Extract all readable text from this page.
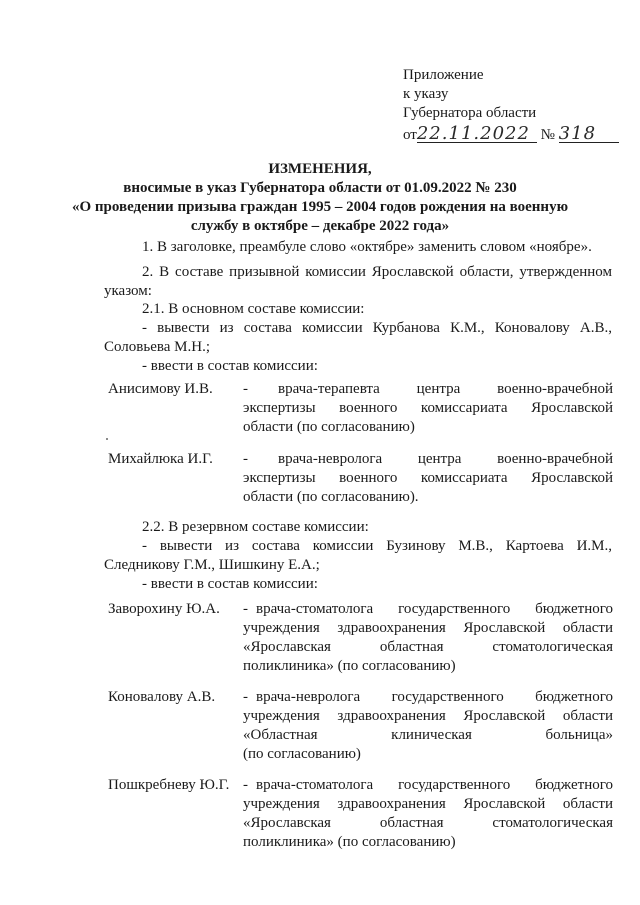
Приложение
к указу
Губернатора области
от22.11.2022 № 318
ИЗМЕНЕНИЯ,
вносимые в указ Губернатора области от 01.09.2022 № 230
«О проведении призыва граждан 1995 – 2004 годов рождения на военную
службу в октябре – декабре 2022 года»
1. В заголовке, преамбуле слово «октябре» заменить словом «ноябре».
2. В составе призывной комиссии Ярославской области, утвержденном
указом:
2.1. В основном составе комиссии:
- вывести из состава комиссии Курбанова К.М., Коновалову А.В.,
Соловьева М.Н.;
- ввести в состав комиссии:
Анисимову И.В. - врача-терапевта центра военно-врачебной
экспертизы военного комиссариата Ярославской
области (по согласованию)
Михайлюка И.Г. - врача-невролога центра военно-врачебной
экспертизы военного комиссариата Ярославской
области (по согласованию).
2.2. В резервном составе комиссии:
- вывести из состава комиссии Бузинову М.В., Картоева И.М.,
Следникову Г.М., Шишкину Е.А.;
- ввести в состав комиссии:
Заворохину Ю.А. - врача-стоматолога государственного бюджетного
учреждения здравоохранения Ярославской области
«Ярославская областная стоматологическая
поликлиника» (по согласованию)
Коновалову А.В. - врача-невролога государственного бюджетного
учреждения здравоохранения Ярославской области
«Областная клиническая больница»
(по согласованию)
Пошкребневу Ю.Г. - врача-стоматолога государственного бюджетного
учреждения здравоохранения Ярославской области
«Ярославская областная стоматологическая
поликлиника» (по согласованию)
